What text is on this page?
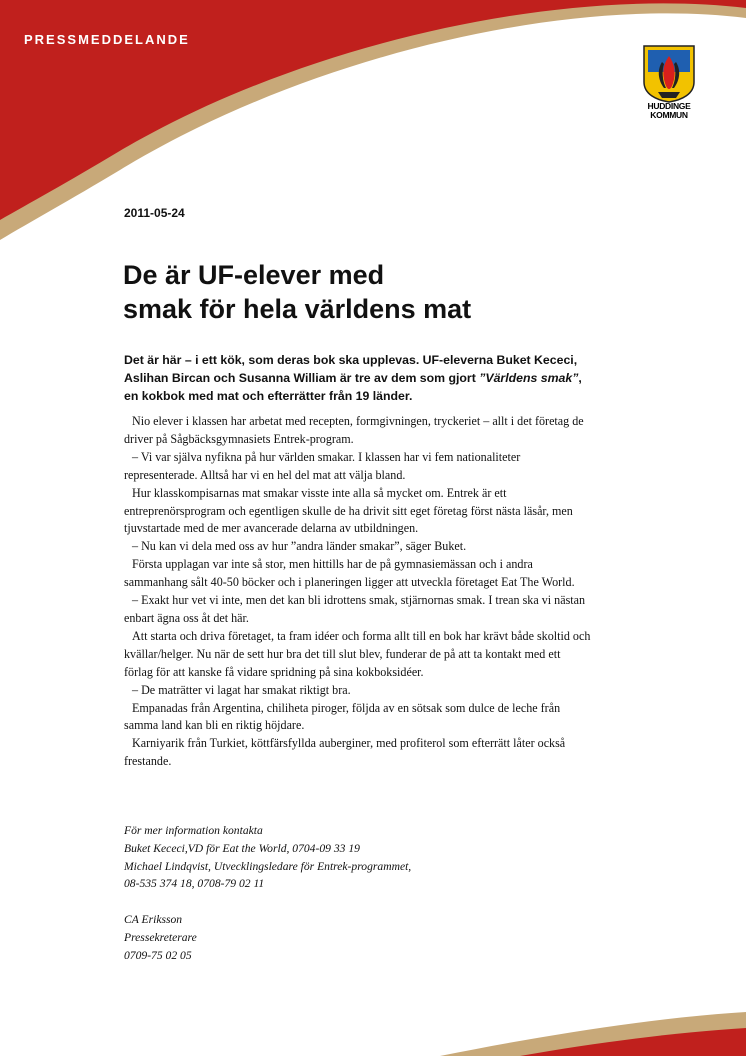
PRESSMEDDELANDE
HUDDINGE
KOMMUN
2011-05-24
De är UF-elever med
smak för hela världens mat

Det är här – i ett kök, som deras bok ska upplevas. UF-eleverna Buket Kececi, Aslihan Bircan och Susanna William är tre av dem som gjort ”Världens smak”, en kokbok med mat och efterrätter från 19 länder.

Nio elever i klassen har arbetat med recepten, formgivningen, tryckeriet – allt i det företag de driver på Sågbäcksgymnasiets Entrek-program.

– Vi var själva nyfikna på hur världen smakar. I klassen har vi fem nationaliteter representerade. Alltså har vi en hel del mat att välja bland.

Hur klasskompisarnas mat smakar visste inte alla så mycket om. Entrek är ett entreprenörsprogram och egentligen skulle de ha drivit sitt eget företag först nästa läsår, men tjuvstartade med de mer avancerade delarna av utbildningen.

– Nu kan vi dela med oss av hur ”andra länder smakar”, säger Buket.

Första upplagan var inte så stor, men hittills har de på gymnasiemässan och i andra sammanhang sålt 40-50 böcker och i planeringen ligger att utveckla företaget Eat The World.

– Exakt hur vet vi inte, men det kan bli idrottens smak, stjärnornas smak. I trean ska vi nästan enbart ägna oss åt det här.

Att starta och driva företaget, ta fram idéer och forma allt till en bok har krävt både skoltid och kvällar/helger. Nu när de sett hur bra det till slut blev, funderar de på att ta kontakt med ett förlag för att kanske få vidare spridning på sina kokboksidéer.

– De maträtter vi lagat har smakat riktigt bra.

Empanadas från Argentina, chiliheta piroger, följda av en sötsak som dulce de leche från samma land kan bli en riktig höjdare.

Karniyarik från Turkiet, köttfärsfyllda auberginer, med profiterol som efterrätt låter också frestande.

För mer information kontakta

Buket Kececi,VD för Eat the World, 0704-09 33 19

Michael Lindqvist, Utvecklingsledare för Entrek-programmet,

08-535 374 18, 0708-79 02 11

CA Eriksson

Pressekreterare

0709-75 02 05
